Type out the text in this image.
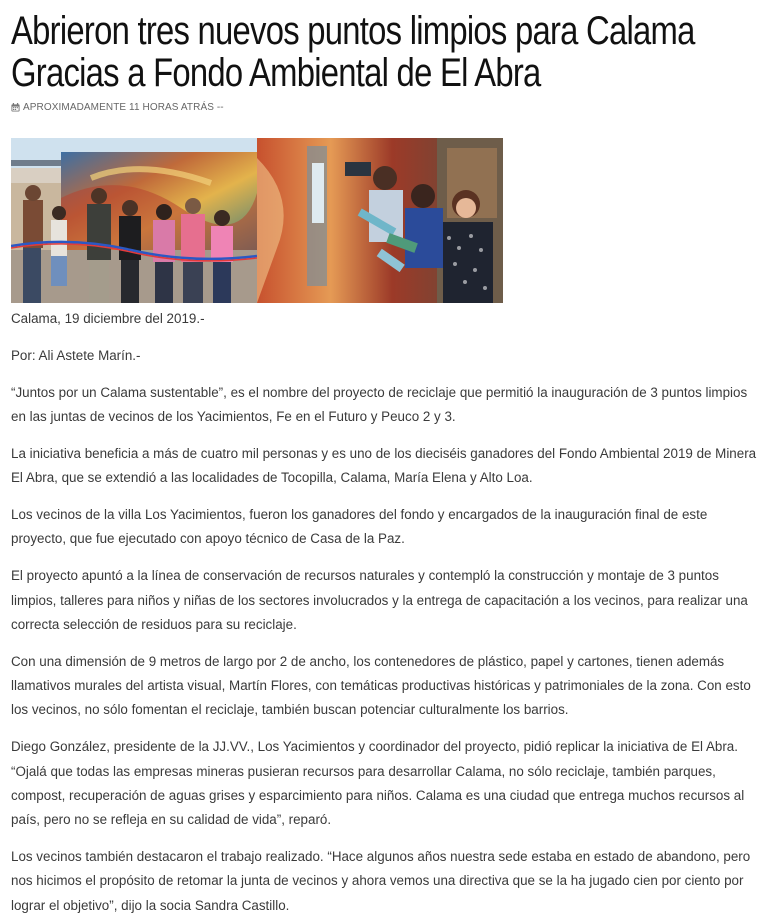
Abrieron tres nuevos puntos limpios para Calama
Gracias a Fondo Ambiental de El Abra
APROXIMADAMENTE 11 HORAS ATRÁS --

Calama, 19 diciembre del 2019.-

Por: Ali Astete Marín.-

“Juntos por un Calama sustentable”, es el nombre del proyecto de reciclaje que permitió la inauguración de 3 puntos limpios en las juntas de vecinos de los Yacimientos, Fe en el Futuro y Peuco 2 y 3.

La iniciativa beneficia a más de cuatro mil personas y es uno de los dieciséis ganadores del Fondo Ambiental 2019 de Minera El Abra, que se extendió a las localidades de Tocopilla, Calama, María Elena y Alto Loa.

Los vecinos de la villa Los Yacimientos, fueron los ganadores del fondo y encargados de la inauguración final de este proyecto, que fue ejecutado con apoyo técnico de Casa de la Paz.

El proyecto apuntó a la línea de conservación de recursos naturales y contempló la construcción y montaje de 3 puntos limpios, talleres para niños y niñas de los sectores involucrados y la entrega de capacitación a los vecinos, para realizar una correcta selección de residuos para su reciclaje.

Con una dimensión de 9 metros de largo por 2 de ancho, los contenedores de plástico, papel y cartones, tienen además llamativos murales del artista visual, Martín Flores, con temáticas productivas históricas y patrimoniales de la zona. Con esto los vecinos, no sólo fomentan el reciclaje, también buscan potenciar culturalmente los barrios.

Diego González, presidente de la JJ.VV., Los Yacimientos y coordinador del proyecto, pidió replicar la iniciativa de El Abra. “Ojalá que todas las empresas mineras pusieran recursos para desarrollar Calama, no sólo reciclaje, también parques, compost, recuperación de aguas grises y esparcimiento para niños. Calama es una ciudad que entrega muchos recursos al país, pero no se refleja en su calidad de vida”, reparó.

Los vecinos también destacaron el trabajo realizado. “Hace algunos años nuestra sede estaba en estado de abandono, pero nos hicimos el propósito de retomar la junta de vecinos y ahora vemos una directiva que se la ha jugado cien por ciento por lograr el objetivo”, dijo la socia Sandra Castillo.
